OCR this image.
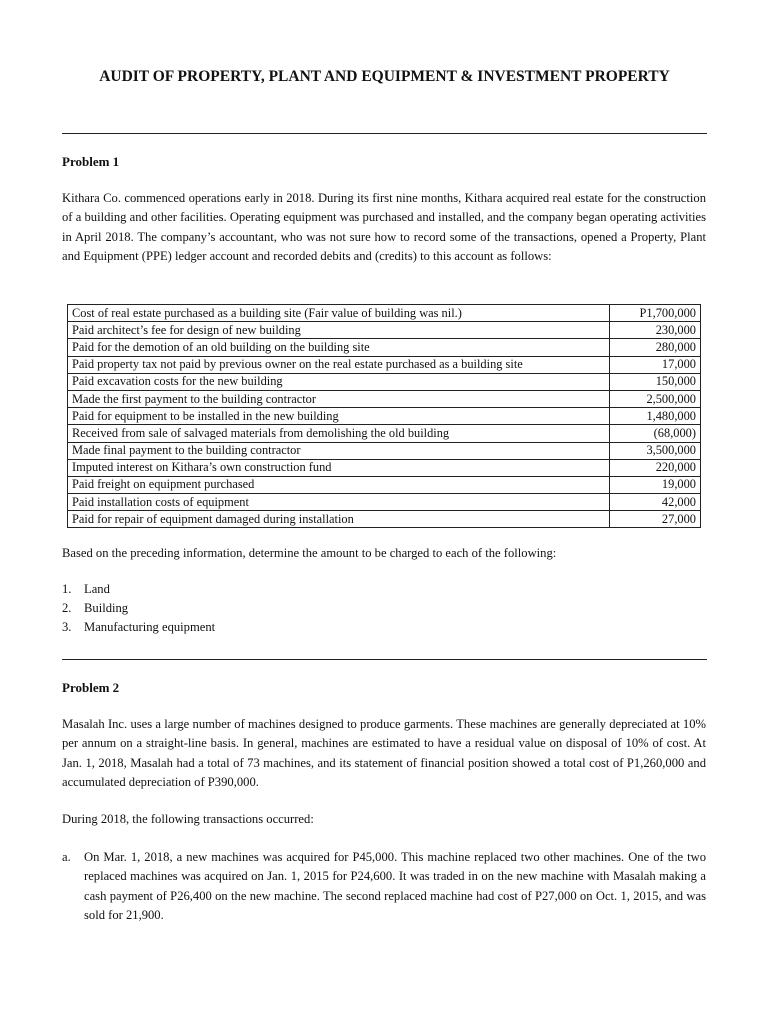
AUDIT OF PROPERTY, PLANT AND EQUIPMENT & INVESTMENT PROPERTY
Problem 1
Kithara Co. commenced operations early in 2018. During its first nine months, Kithara acquired real estate for the construction of a building and other facilities. Operating equipment was purchased and installed, and the company began operating activities in April 2018. The company’s accountant, who was not sure how to record some of the transactions, opened a Property, Plant and Equipment (PPE) ledger account and recorded debits and (credits) to this account as follows:
Cost of real estate purchased as a building site (Fair value of building was nil.)	P1,700,000
Paid architect’s fee for design of new building	230,000
Paid for the demotion of an old building on the building site	280,000
Paid property tax not paid by previous owner on the real estate purchased as a building site	17,000
Paid excavation costs for the new building	150,000
Made the first payment to the building contractor	2,500,000
Paid for equipment to be installed in the new building	1,480,000
Received from sale of salvaged materials from demolishing the old building	(68,000)
Made final payment to the building contractor	3,500,000
Imputed interest on Kithara’s own construction fund	220,000
Paid freight on equipment purchased	19,000
Paid installation costs of equipment	42,000
Paid for repair of equipment damaged during installation	27,000
Based on the preceding information, determine the amount to be charged to each of the following:
1. Land
2. Building
3. Manufacturing equipment
Problem 2
Masalah Inc. uses a large number of machines designed to produce garments. These machines are generally depreciated at 10% per annum on a straight-line basis. In general, machines are estimated to have a residual value on disposal of 10% of cost. At Jan. 1, 2018, Masalah had a total of 73 machines, and its statement of financial position showed a total cost of P1,260,000 and accumulated depreciation of P390,000.
During 2018, the following transactions occurred:
a. On Mar. 1, 2018, a new machines was acquired for P45,000. This machine replaced two other machines. One of the two replaced machines was acquired on Jan. 1, 2015 for P24,600. It was traded in on the new machine with Masalah making a cash payment of P26,400 on the new machine. The second replaced machine had cost of P27,000 on Oct. 1, 2015, and was sold for 21,900.
